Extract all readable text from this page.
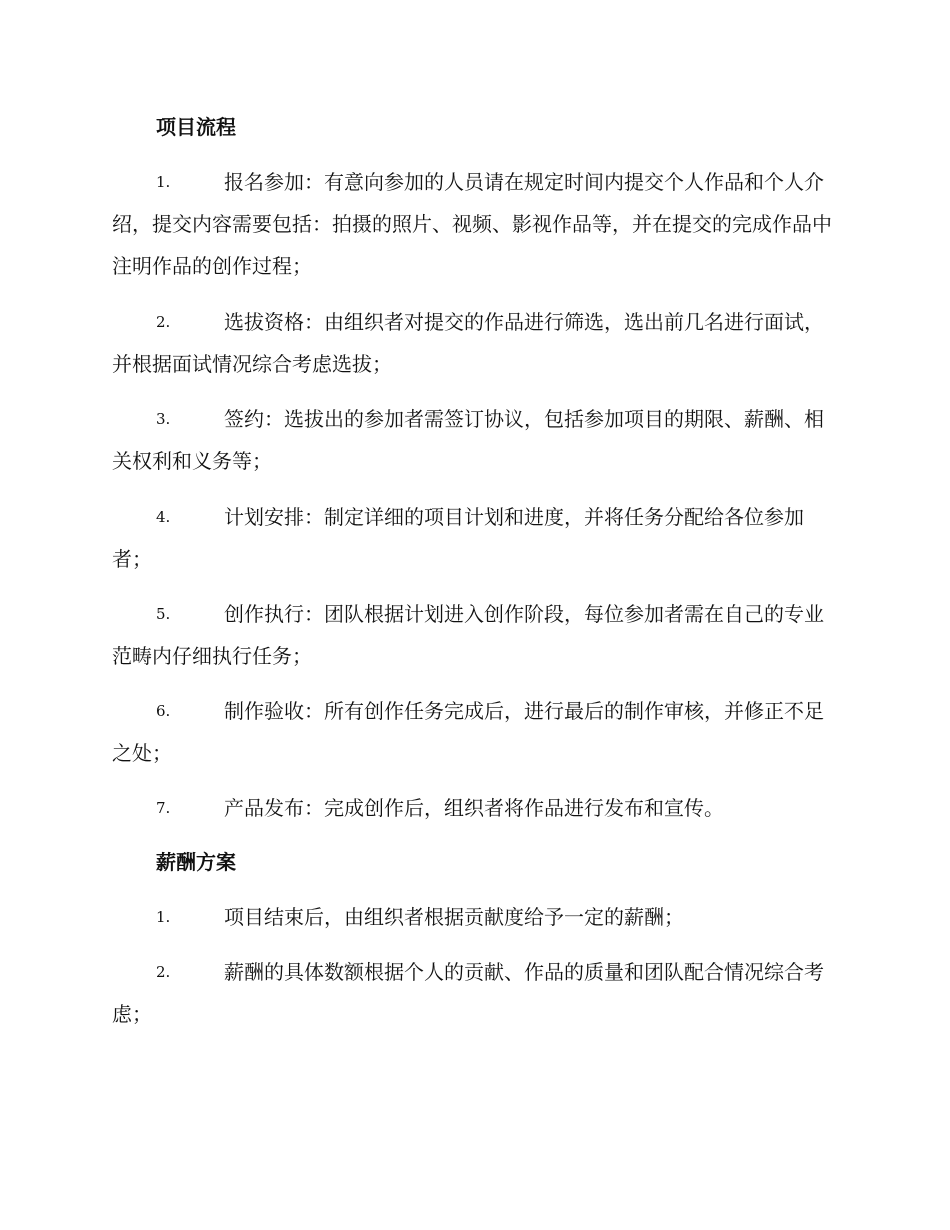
项目流程
1.	报名参加：有意向参加的人员请在规定时间内提交个人作品和个人介绍，提交内容需要包括：拍摄的照片、视频、影视作品等，并在提交的完成作品中注明作品的创作过程；
2.	选拔资格：由组织者对提交的作品进行筛选，选出前几名进行面试，并根据面试情况综合考虑选拔；
3.	签约：选拔出的参加者需签订协议，包括参加项目的期限、薪酬、相关权利和义务等；
4.	计划安排：制定详细的项目计划和进度，并将任务分配给各位参加者；
5.	创作执行：团队根据计划进入创作阶段，每位参加者需在自己的专业范畴内仔细执行任务；
6.	制作验收：所有创作任务完成后，进行最后的制作审核，并修正不足之处；
7.	产品发布：完成创作后，组织者将作品进行发布和宣传。
薪酬方案
1.	项目结束后，由组织者根据贡献度给予一定的薪酬；
2.	薪酬的具体数额根据个人的贡献、作品的质量和团队配合情况综合考虑；
